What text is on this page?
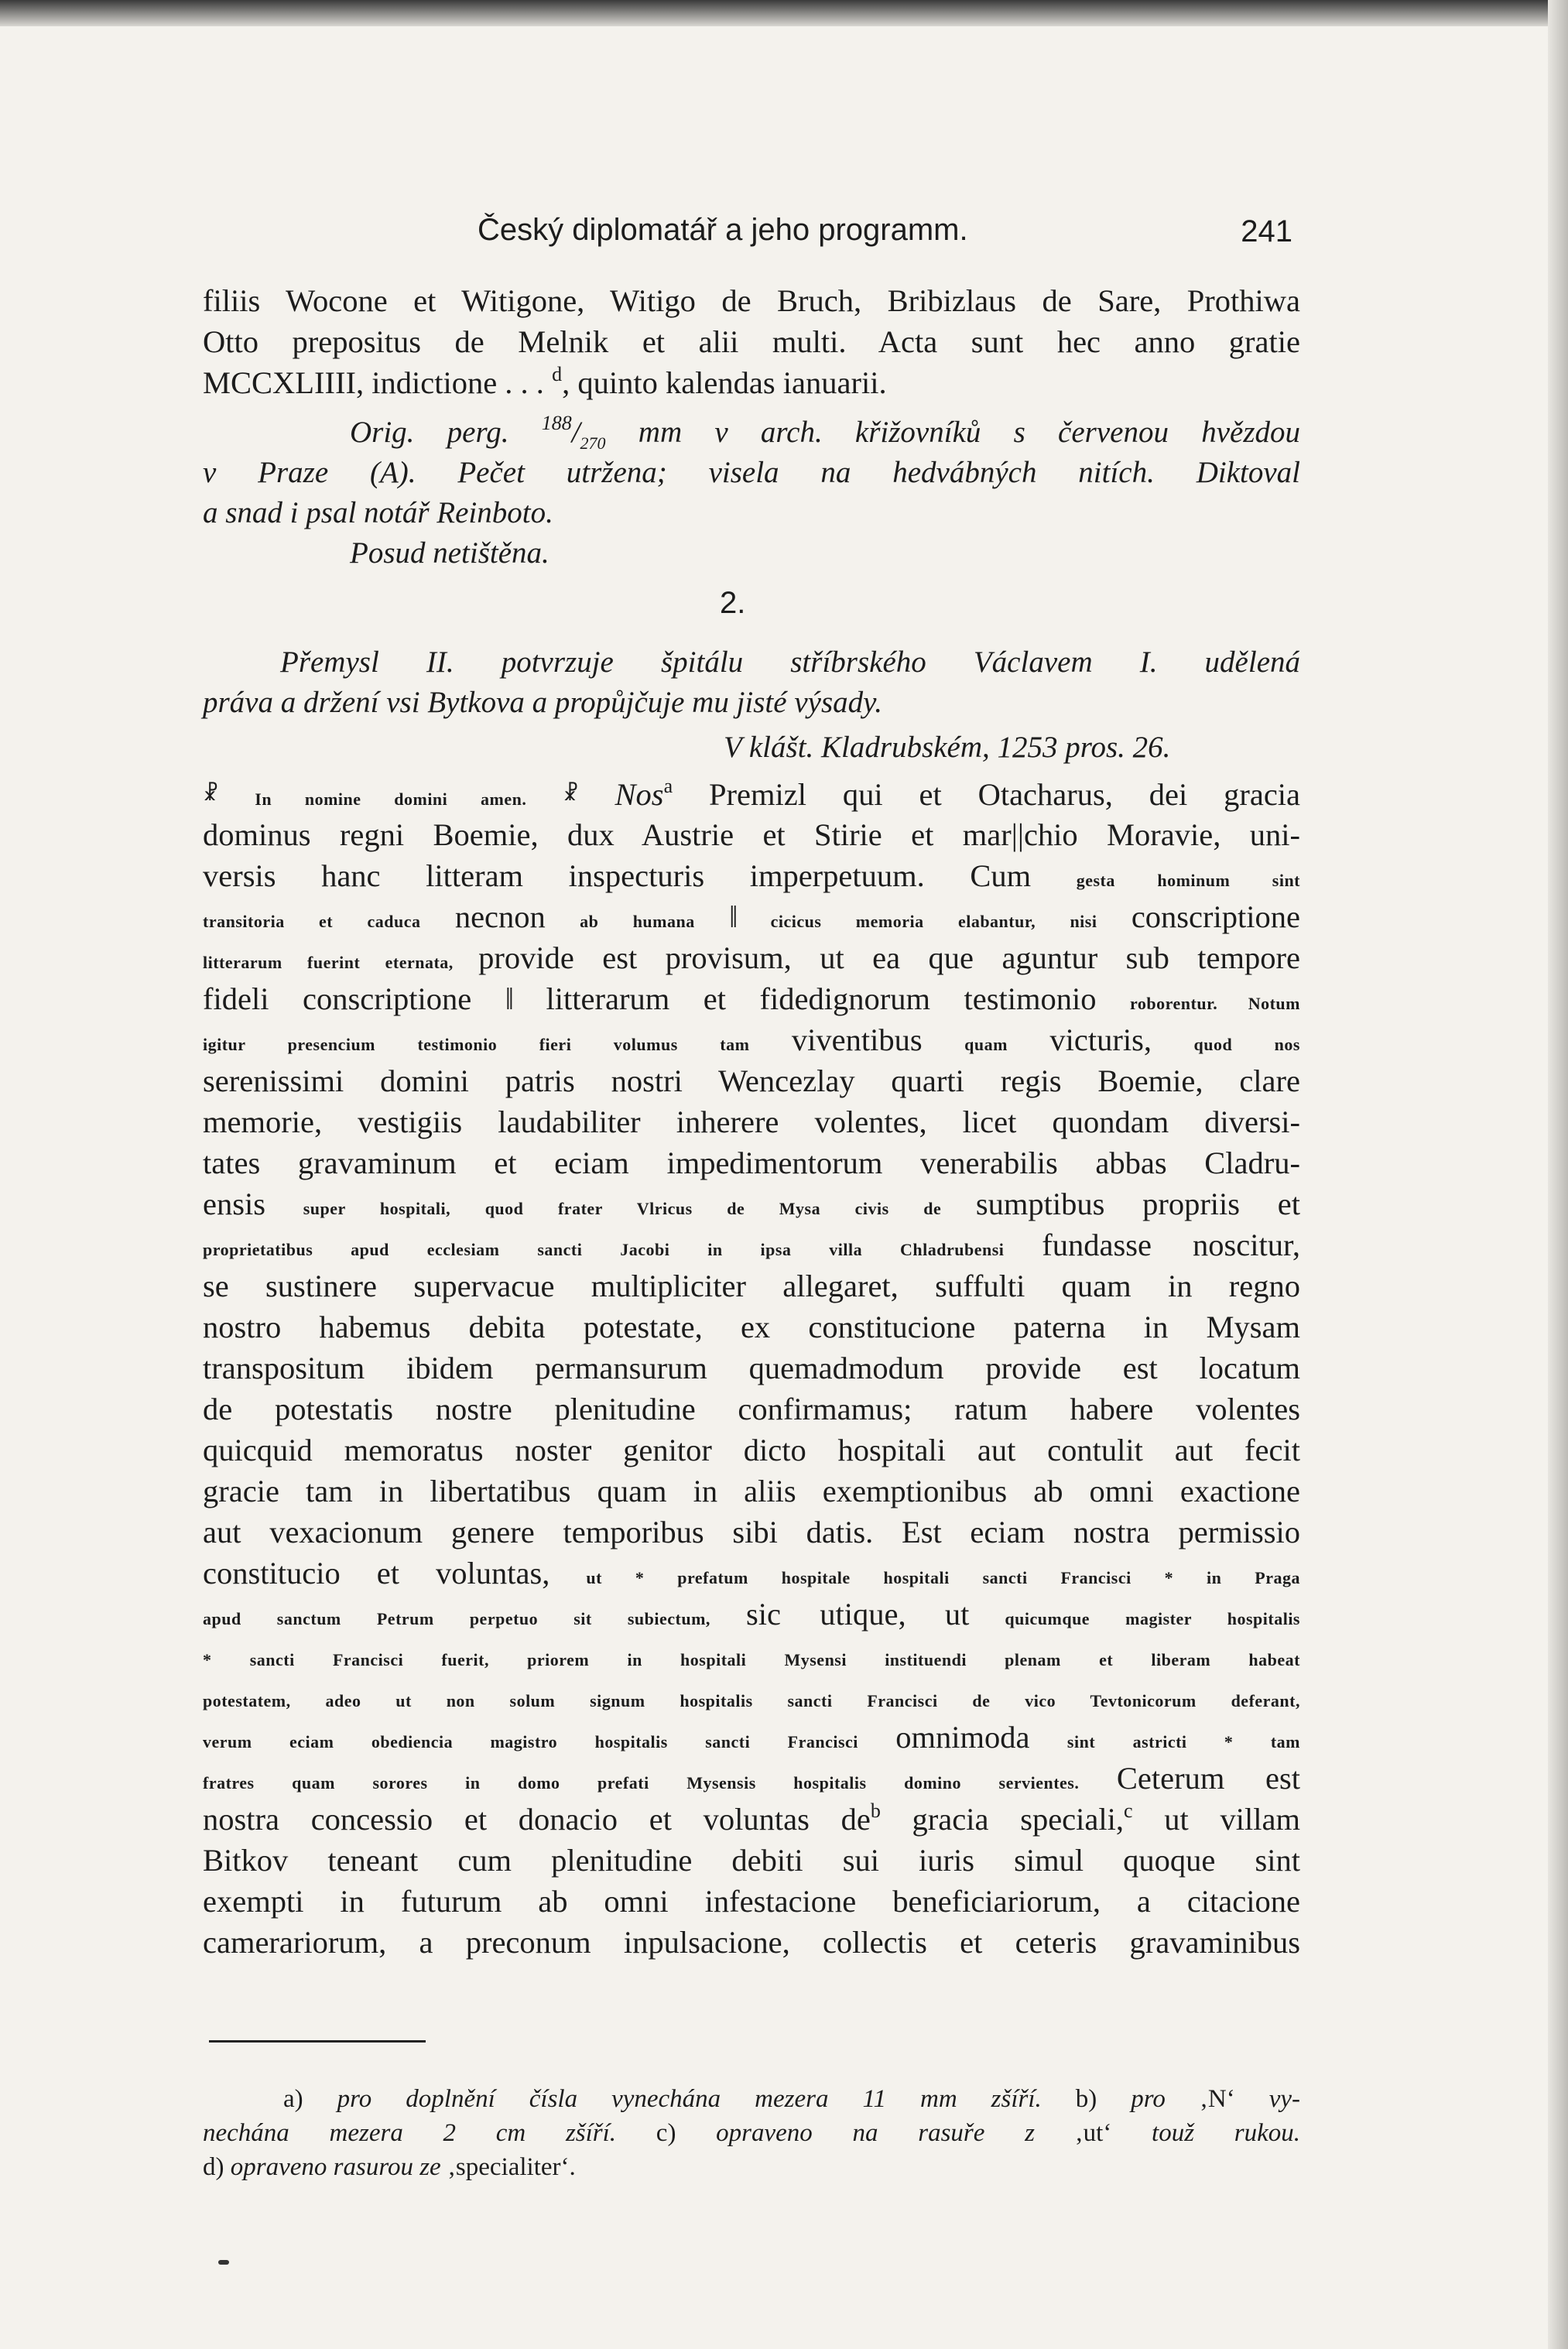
Český diplomatář a jeho programm.	241
filiis Wocone et Witigone, Witigo de Bruch, Bribizlaus de Sare, Prothiwa
Otto prepositus de Melnik et alii multi. Acta sunt hec anno gratie
MCCXLIIII, indictione . . . $^d$, quinto kalendas ianuarii.
Orig. perg. $^{188}/_{270}$ mm v arch. křižovníků s červenou hvězdou
v Praze (A). Pečet utržena; visela na hedvábných nitích. Diktoval
a snad i psal notář Reinboto.
Posud netištěna.
2.
Přemysl II. potvrzuje špitálu stříbrského Václavem I. udělená
práva a držení vsi Bytkova a propůjčuje mu jisté výsady.
V klášt. Kladrubském, 1253 pros. 26.
☧ In nomine domini amen. ☧ Nos$^a$ Premizl qui et Otacharus, dei gracia
dominus regni Boemie, dux Austrie et Stirie et mar||chio Moravie, uni-
versis hanc litteram inspecturis imperpetuum. Cum gesta hominum sint
transitoria et caduca necnon ab humana ‖ cicicus memoria elabantur, nisi conscriptione
litterarum fuerint eternata, provide est provisum, ut ea que aguntur sub tempore
fideli conscriptione ‖ litterarum et fidedignorum testimonio roborentur. Notum
igitur presencium testimonio fieri volumus tam viventibus quam victuris, quod nos
serenissimi domini patris nostri Wencezlay quarti regis Boemie, clare
memorie, vestigiis laudabiliter inherere volentes, licet quondam diversi-
tates gravaminum et eciam impedimentorum venerabilis abbas Cladru-
ensis super hospitali, quod frater Vlricus de Mysa civis de sumptibus propriis et
proprietatibus apud ecclesiam sancti Jacobi in ipsa villa Chladrubensi fundasse noscitur,
se sustinere supervacue multipliciter allegaret, suffulti quam in regno
nostro habemus debita potestate, ex constitucione paterna in Mysam
transpositum ibidem permansurum quemadmodum provide est locatum
de potestatis nostre plenitudine confirmamus; ratum habere volentes
quicquid memoratus noster genitor dicto hospitali aut contulit aut fecit
gracie tam in libertatibus quam in aliis exemptionibus ab omni exactione
aut vexacionum genere temporibus sibi datis. Est eciam nostra permissio
constitucio et voluntas, ut * prefatum hospitale hospitali sancti Francisci * in Praga
apud sanctum Petrum perpetuo sit subiectum, sic utique, ut quicumque magister hospitalis
* sancti Francisci fuerit, priorem in hospitali Mysensi instituendi plenam et liberam habeat
potestatem, adeo ut non solum signum hospitalis sancti Francisci de vico Tevtonicorum deferant,
verum eciam obediencia magistro hospitalis sancti Francisci omnimoda sint astricti * tam
fratres quam sorores in domo prefati Mysensis hospitalis domino servientes. Ceterum est
nostra concessio et donacio et voluntas $de^b$ gracia speciali,$^c$ ut villam
Bitkov teneant cum plenitudine debiti sui iuris simul quoque sint
exempti in futurum ab omni infestacione beneficiariorum, a citacione
camerariorum, a preconum inpulsacione, collectis et ceteris gravaminibus
a) pro doplnění čísla vynechána mezera 11 mm zšíří. b) pro ‚N‘ vy-
nechána mezera 2 cm zšíří. c) opraveno na rasuře z ‚ut‘ touž rukou.
d) opraveno rasurou ze ‚specialiter‘.
